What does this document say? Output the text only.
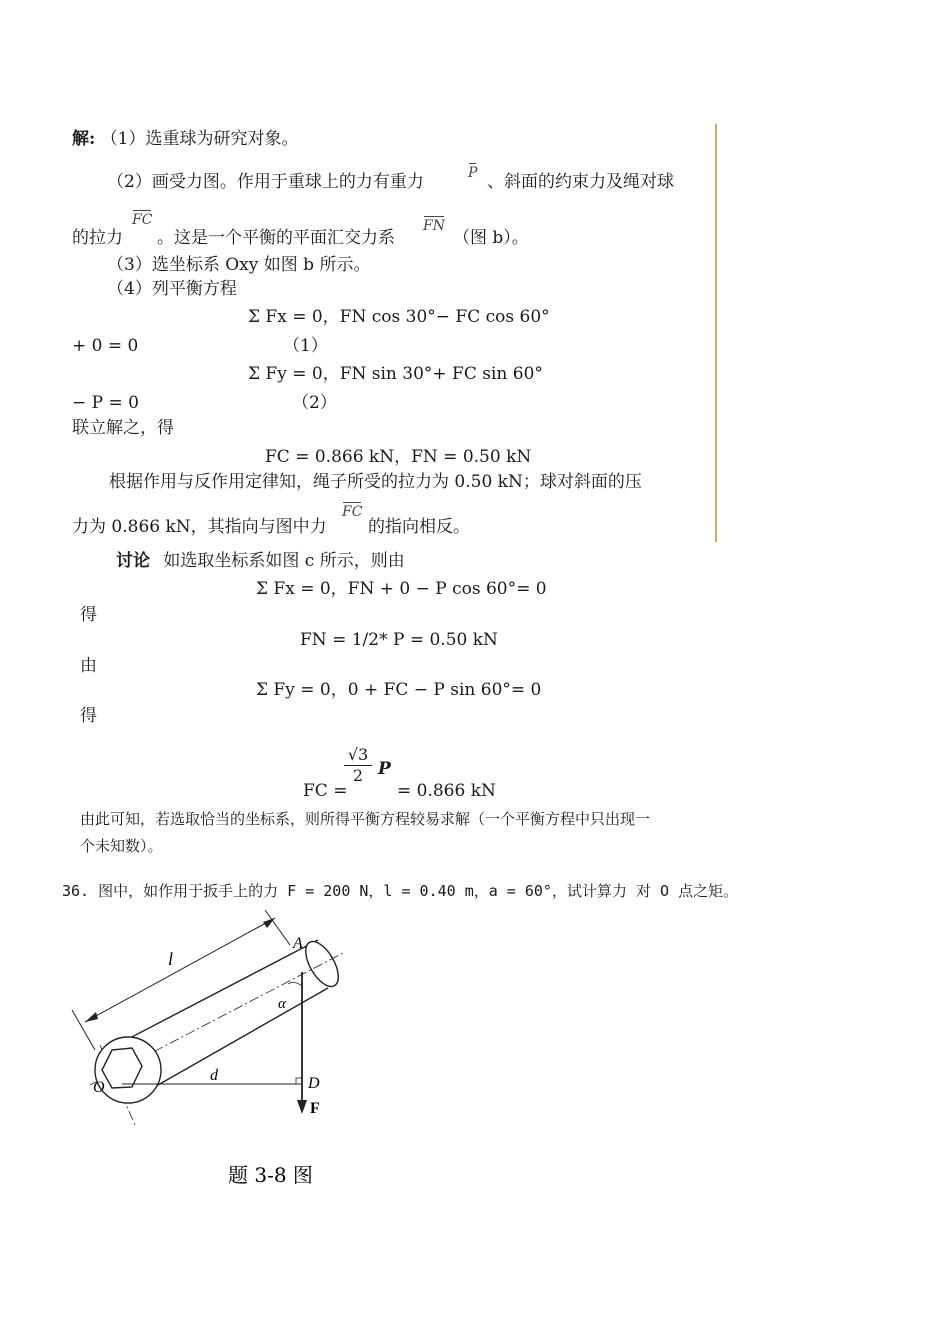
解: （1）选重球为研究对象。
（2）画受力图。作用于重球上的力有重力	P 、斜面的约束力及绳对球
的拉力
FC
。这是一个平衡的平面汇交力系
FN
（图 b）。
（3）选坐标系 Oxy 如图 b 所示。
（4）列平衡方程
Σ Fx = 0，FN cos 30°− FC cos 60°
+ 0 = 0	（1）
Σ Fy = 0，FN sin 30°+ FC sin 60°
− P = 0	（2）
联立解之，得
FC = 0.866 kN，FN = 0.50 kN
根据作用与反作用定律知，绳子所受的拉力为 0.50 kN；球对斜面的压
力为 0.866 kN，其指向与图中力
FC
的指向相反。
讨论 如选取坐标系如图 c 所示，则由
Σ Fx = 0，FN + 0 − P cos 60°= 0
得
FN = 1/2* P = 0.50 kN
由
Σ Fy = 0，0 + FC − P sin 60°= 0
得
FC =
$\frac{√3}{2}$ P
= 0.866 kN
由此可知，若选取恰当的坐标系，则所得平衡方程较易求解（一个平衡方程中只出现一
个未知数）。
36. 图中，如作用于扳手上的力 F = 200 N，l = 0.40 m，a = 60°，试计算力 对 O 点之矩。
l
O
d
α
A
D
F
题 3-8 图
